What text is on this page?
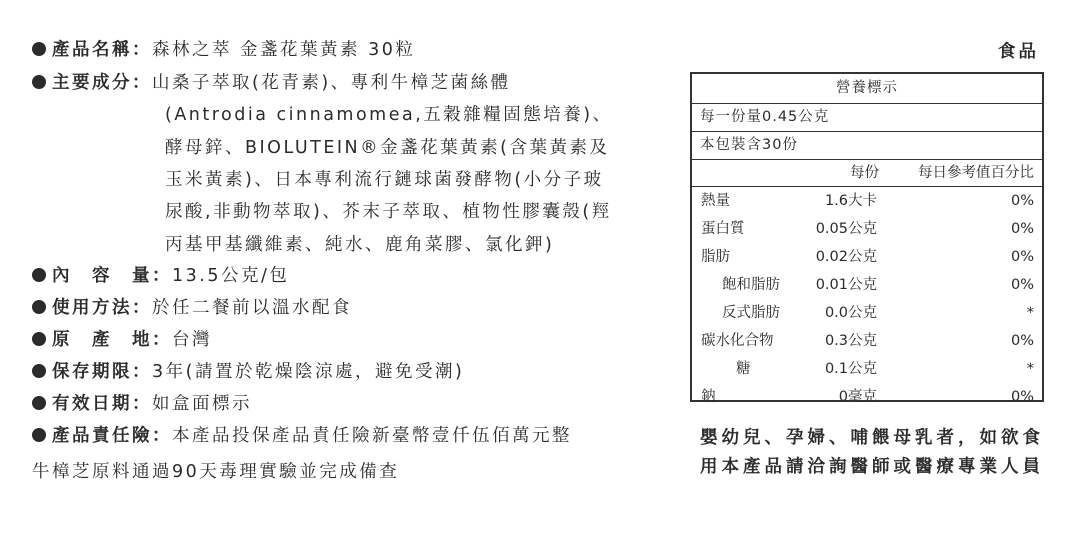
食品
產品名稱： 森林之萃 金盞花葉黃素 30粒
主要成分： 山桑子萃取(花青素)、專利牛樟芝菌絲體
(Antrodia cinnamomea,五穀雜糧固態培養)、
酵母鋅、BIOLUTEIN®金盞花葉黃素(含葉黃素及
玉米黃素)、日本專利流行鏈球菌發酵物(小分子玻
尿酸,非動物萃取)、芥末子萃取、植物性膠囊殼(羥
丙基甲基纖維素、純水、鹿角菜膠、氯化鉀)
內　容　量： 13.5公克/包
使用方法： 於任二餐前以溫水配食
原　產　地： 台灣
保存期限： 3年(請置於乾燥陰涼處，避免受潮)
有效日期： 如盒面標示
產品責任險： 本產品投保產品責任險新臺幣壹仟伍佰萬元整
牛樟芝原料通過90天毒理實驗並完成備查
營養標示
每一份量0.45公克
本包裝含30份
每份	每日參考值百分比
熱量	1.6大卡	0%
蛋白質	0.05公克	0%
脂肪	0.02公克	0%
飽和脂肪 0.01公克	0%
反式脂肪	0.0公克	*
碳水化合物	0.3公克	0%
糖	0.1公克	*
鈉	0毫克	0%
嬰幼兒、孕婦、哺餵母乳者，如欲食用本產品請洽詢醫師或醫療專業人員
